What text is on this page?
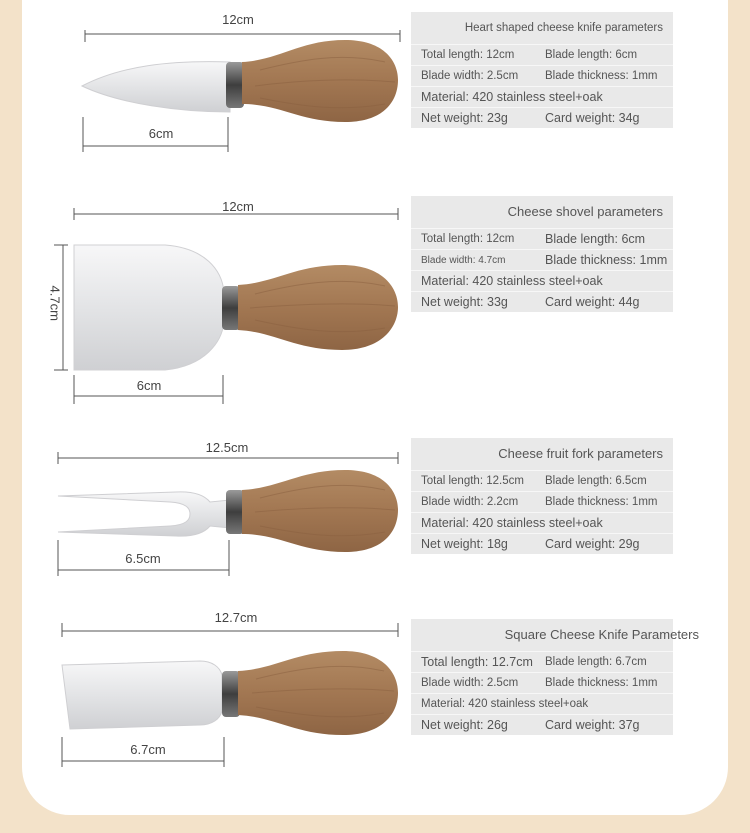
12cm
6cm
Heart shaped cheese knife parameters
Total length: 12cm	Blade length: 6cm
Blade width: 2.5cm Blade thickness: 1mm
Material: 420 stainless steel+oak
Net weight: 23g	Card weight: 34g
12cm
4.7cm
6cm
Cheese shovel parameters
Total length: 12cm Blade length: 6cm
Blade width: 4.7cm	Blade thickness: 1mm
Material: 420 stainless steel+oak
Net weight: 33g	Card weight: 44g
12.5cm
6.5cm
Cheese fruit fork parameters
Total length: 12.5cm Blade length: 6.5cm
Blade width: 2.2cm Blade thickness: 1mm
Material: 420 stainless steel+oak
Net weight: 18g	Card weight: 29g
12.7cm
6.7cm
Square Cheese Knife Parameters
Total length: 12.7cm Blade length: 6.7cm
Blade width: 2.5cm Blade thickness: 1mm
Material: 420 stainless steel+oak
Net weight: 26g	Card weight: 37g
